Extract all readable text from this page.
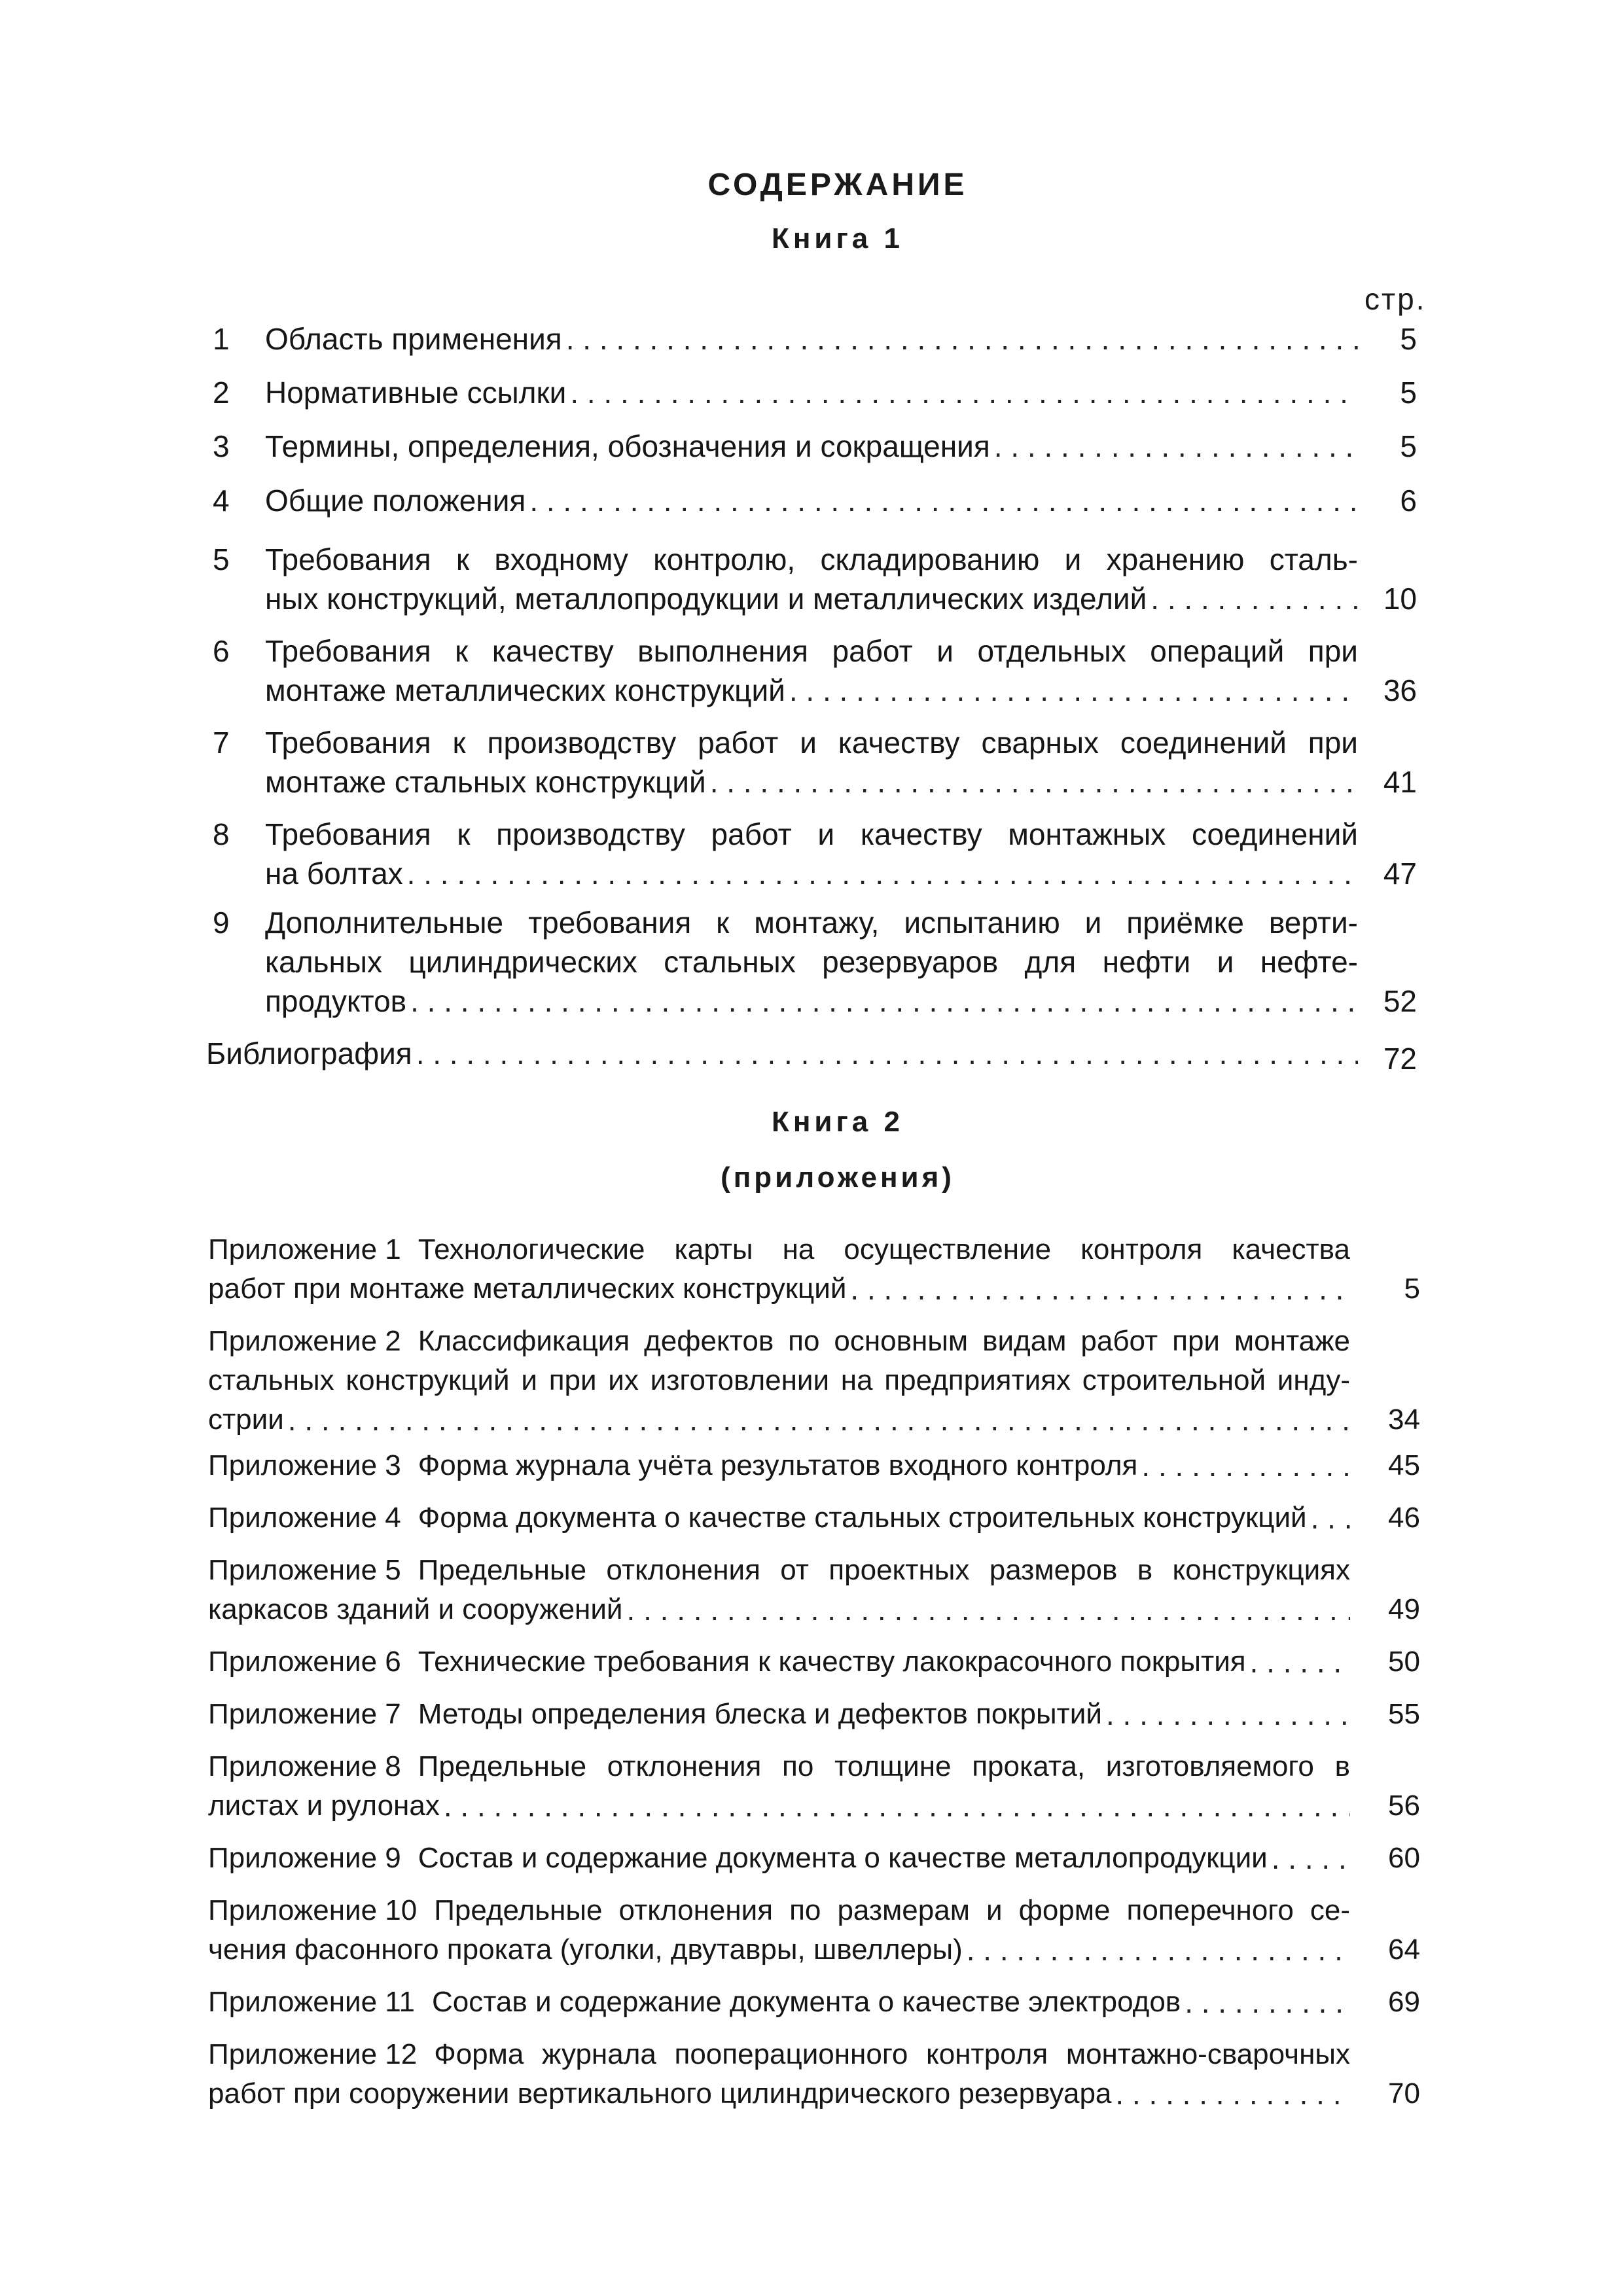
СОДЕРЖАНИЕ
Книга 1
стр.
1 Область применения . . .	5
2 Нормативные ссылки . . .	5
3 Термины, определения, обозначения и сокращения . . .	5
4 Общие положения . . .	6
5 Требования к входному контролю, складированию и хранению сталь-
ных конструкций, металлопродукции и металлических изделий . . .	10
6 Требования к качеству выполнения работ и отдельных операций при
монтаже металлических конструкций . . .	36
7 Требования к производству работ и качеству сварных соединений при
монтаже стальных конструкций . . .	41
8 Требования к производству работ и качеству монтажных соединений
на болтах . . .	47
9 Дополнительные требования к монтажу, испытанию и приёмке верти-
кальных цилиндрических стальных резервуаров для нефти и нефте-
продуктов . . .	52
Библиография . . .	72
Книга 2
(приложения)
Приложение 1 Технологические карты на осуществление контроля качества
работ при монтаже металлических конструкций . . .	5
Приложение 2 Классификация дефектов по основным видам работ при монтаже
стальных конструкций и при их изготовлении на предприятиях строительной инду-
стрии . . .	34
Приложение 3 Форма журнала учёта результатов входного контроля . . .	45
Приложение 4 Форма документа о качестве стальных строительных конструкций . . .	46
Приложение 5 Предельные отклонения от проектных размеров в конструкциях
каркасов зданий и сооружений . . .	49
Приложение 6 Технические требования к качеству лакокрасочного покрытия . . .	50
Приложение 7 Методы определения блеска и дефектов покрытий . . .	55
Приложение 8 Предельные отклонения по толщине проката, изготовляемого в
листах и рулонах . . .	56
Приложение 9 Состав и содержание документа о качестве металлопродукции . . .	60
Приложение 10 Предельные отклонения по размерам и форме поперечного се-
чения фасонного проката (уголки, двутавры, швеллеры) . . .	64
Приложение 11 Состав и содержание документа о качестве электродов . . .	69
Приложение 12 Форма журнала пооперационного контроля монтажно-сварочных
работ при сооружении вертикального цилиндрического резервуара . . .	70
